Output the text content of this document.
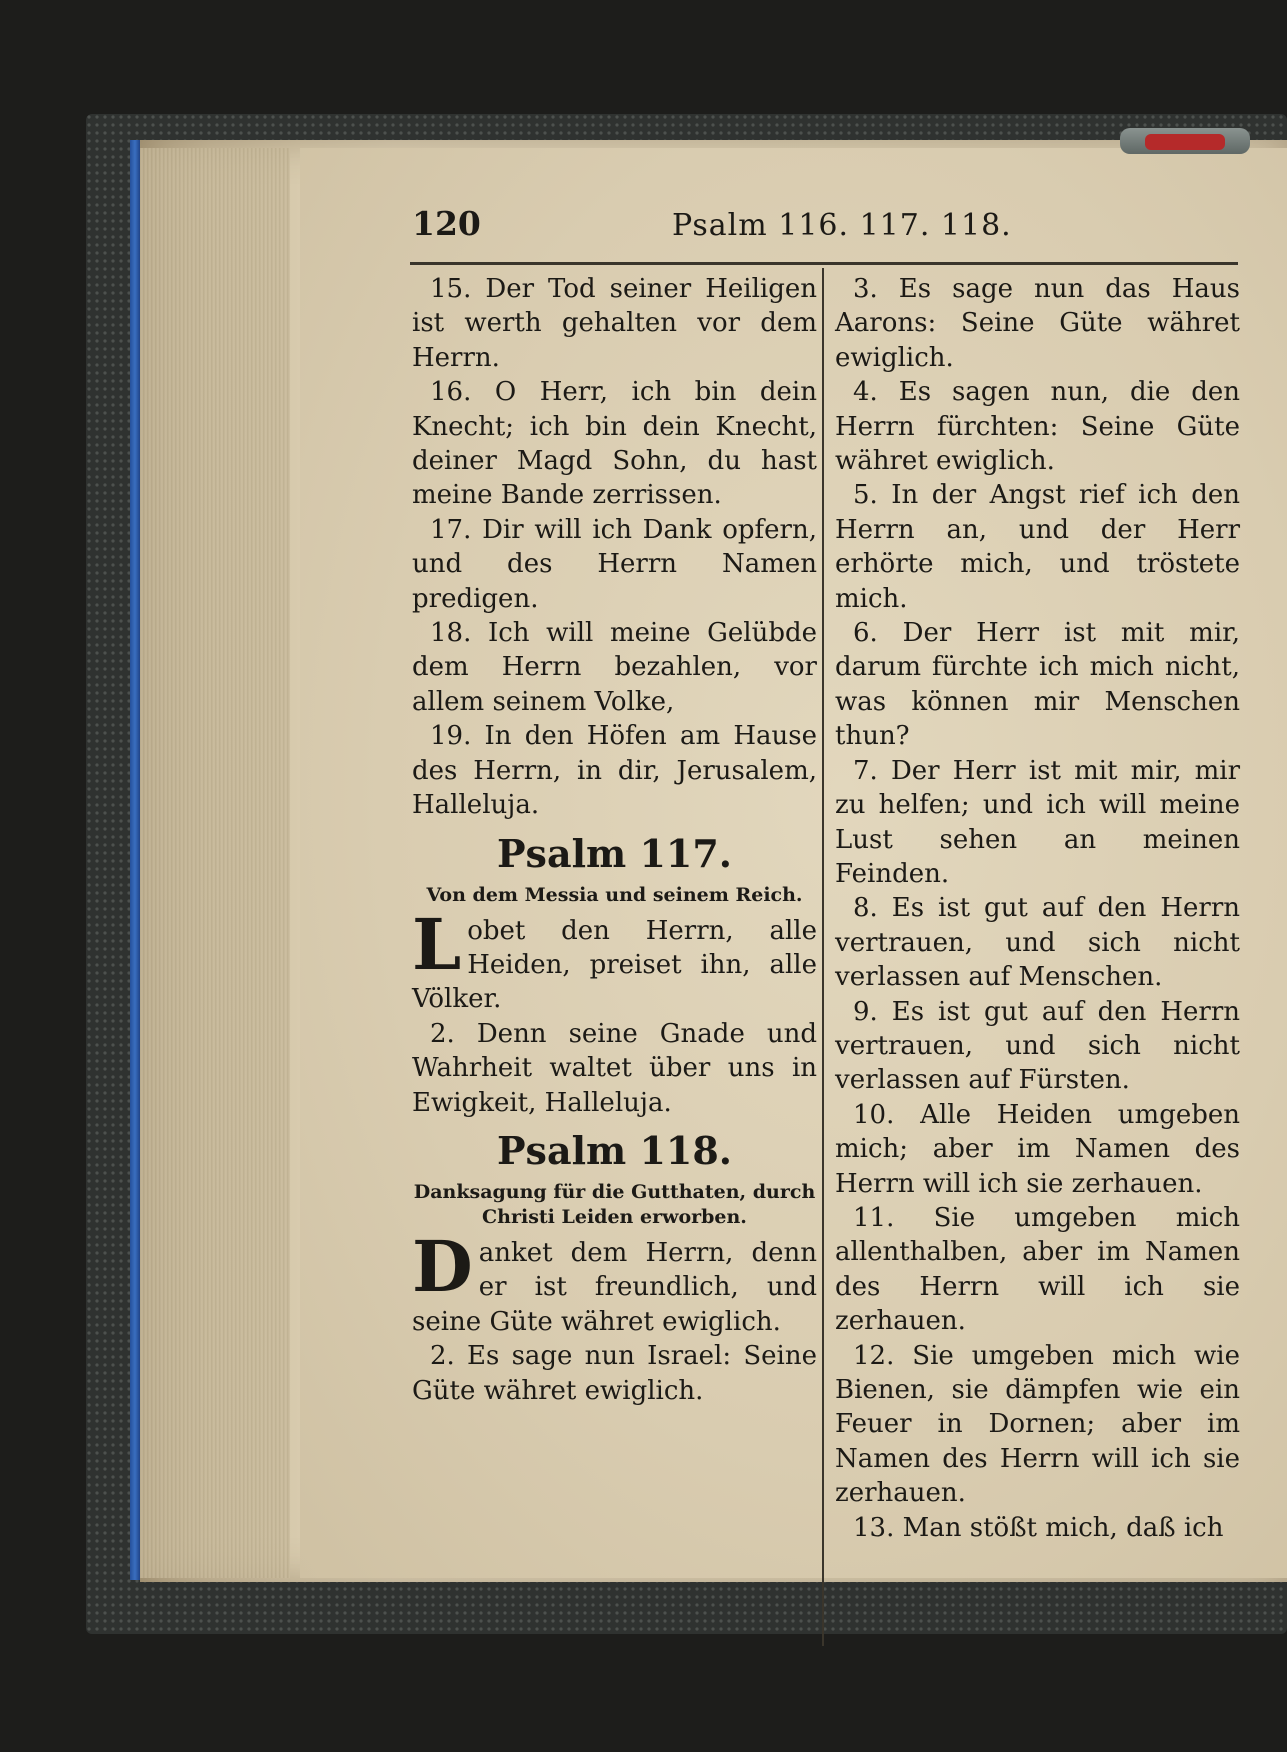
120	Psalm 116. 117. 118.

15. Der Tod seiner Heiligen ist werth gehalten vor dem Herrn.

16. O Herr, ich bin dein Knecht; ich bin dein Knecht, deiner Magd Sohn, du hast meine Bande zerrissen.

17. Dir will ich Dank opfern, und des Herrn Namen predigen.

18. Ich will meine Gelübde dem Herrn bezahlen, vor allem seinem Volke,

19. In den Höfen am Hause des Herrn, in dir, Jerusalem, Halleluja.

Psalm 117.

Von dem Messia und seinem Reich.

Lobet den Herrn, alle Heiden, preiset ihn, alle Völker.

2. Denn seine Gnade und Wahrheit waltet über uns in Ewigkeit, Halleluja.

Psalm 118.

Danksagung für die Gutthaten, durch Christi Leiden erworben.

Danket dem Herrn, denn er ist freundlich, und seine Güte währet ewiglich.

2. Es sage nun Israel: Seine Güte währet ewiglich.

3. Es sage nun das Haus Aarons: Seine Güte währet ewiglich.

4. Es sagen nun, die den Herrn fürchten: Seine Güte währet ewiglich.

5. In der Angst rief ich den Herrn an, und der Herr erhörte mich, und tröstete mich.

6. Der Herr ist mit mir, darum fürchte ich mich nicht, was können mir Menschen thun?

7. Der Herr ist mit mir, mir zu helfen; und ich will meine Lust sehen an meinen Feinden.

8. Es ist gut auf den Herrn vertrauen, und sich nicht verlassen auf Menschen.

9. Es ist gut auf den Herrn vertrauen, und sich nicht verlassen auf Fürsten.

10. Alle Heiden umgeben mich; aber im Namen des Herrn will ich sie zerhauen.

11. Sie umgeben mich allenthalben, aber im Namen des Herrn will ich sie zerhauen.

12. Sie umgeben mich wie Bienen, sie dämpfen wie ein Feuer in Dornen; aber im Namen des Herrn will ich sie zerhauen.

13. Man stößt mich, daß ich
